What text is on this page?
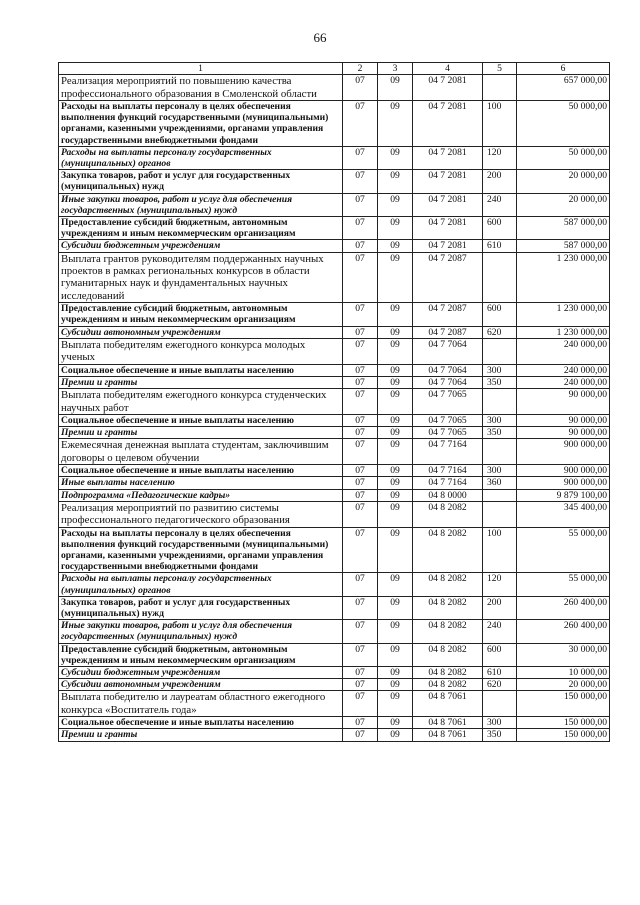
66
1	2	3	4	5	6
Реализация мероприятий по повышению качества профессионального образования в Смоленской области	07	09	04 7 2081		657 000,00
Расходы на выплаты персоналу в целях обеспечения выполнения функций государственными (муниципальными) органами, казенными учреждениями, органами управления государственными внебюджетными фондами	07	09	04 7 2081	100	50 000,00
Расходы на выплаты персоналу государственных (муниципальных) органов	07	09	04 7 2081	120	50 000,00
Закупка товаров, работ и услуг для государственных (муниципальных) нужд	07	09	04 7 2081	200	20 000,00
Иные закупки товаров, работ и услуг для обеспечения государственных (муниципальных) нужд	07	09	04 7 2081	240	20 000,00
Предоставление субсидий бюджетным, автономным учреждениям и иным некоммерческим организациям	07	09	04 7 2081	600	587 000,00
Субсидии бюджетным учреждениям	07	09	04 7 2081	610	587 000,00
Выплата грантов руководителям поддержанных научных проектов в рамках региональных конкурсов в области гуманитарных наук и фундаментальных научных исследований	07	09	04 7 2087		1 230 000,00
Предоставление субсидий бюджетным, автономным учреждениям и иным некоммерческим организациям	07	09	04 7 2087	600	1 230 000,00
Субсидии автономным учреждениям	07	09	04 7 2087	620	1 230 000,00
Выплата победителям ежегодного конкурса молодых ученых	07	09	04 7 7064		240 000,00
Социальное обеспечение и иные выплаты населению	07	09	04 7 7064	300	240 000,00
Премии и гранты	07	09	04 7 7064	350	240 000,00
Выплата победителям ежегодного конкурса студенческих научных работ	07	09	04 7 7065		90 000,00
Социальное обеспечение и иные выплаты населению	07	09	04 7 7065	300	90 000,00
Премии и гранты	07	09	04 7 7065	350	90 000,00
Ежемесячная денежная выплата студентам, заключившим договоры о целевом обучении	07	09	04 7 7164		900 000,00
Социальное обеспечение и иные выплаты населению	07	09	04 7 7164	300	900 000,00
Иные выплаты населению	07	09	04 7 7164	360	900 000,00
Подпрограмма «Педагогические кадры»	07	09	04 8 0000		9 879 100,00
Реализация мероприятий по развитию системы профессионального педагогического образования	07	09	04 8 2082		345 400,00
Расходы на выплаты персоналу в целях обеспечения выполнения функций государственными (муниципальными) органами, казенными учреждениями, органами управления государственными внебюджетными фондами	07	09	04 8 2082	100	55 000,00
Расходы на выплаты персоналу государственных (муниципальных) органов	07	09	04 8 2082	120	55 000,00
Закупка товаров, работ и услуг для государственных (муниципальных) нужд	07	09	04 8 2082	200	260 400,00
Иные закупки товаров, работ и услуг для обеспечения государственных (муниципальных) нужд	07	09	04 8 2082	240	260 400,00
Предоставление субсидий бюджетным, автономным учреждениям и иным некоммерческим организациям	07	09	04 8 2082	600	30 000,00
Субсидии бюджетным учреждениям	07	09	04 8 2082	610	10 000,00
Субсидии автономным учреждениям	07	09	04 8 2082	620	20 000,00
Выплата победителю и лауреатам областного ежегодного конкурса «Воспитатель года»	07	09	04 8 7061		150 000,00
Социальное обеспечение и иные выплаты населению	07	09	04 8 7061	300	150 000,00
Премии и гранты	07	09	04 8 7061	350	150 000,00
